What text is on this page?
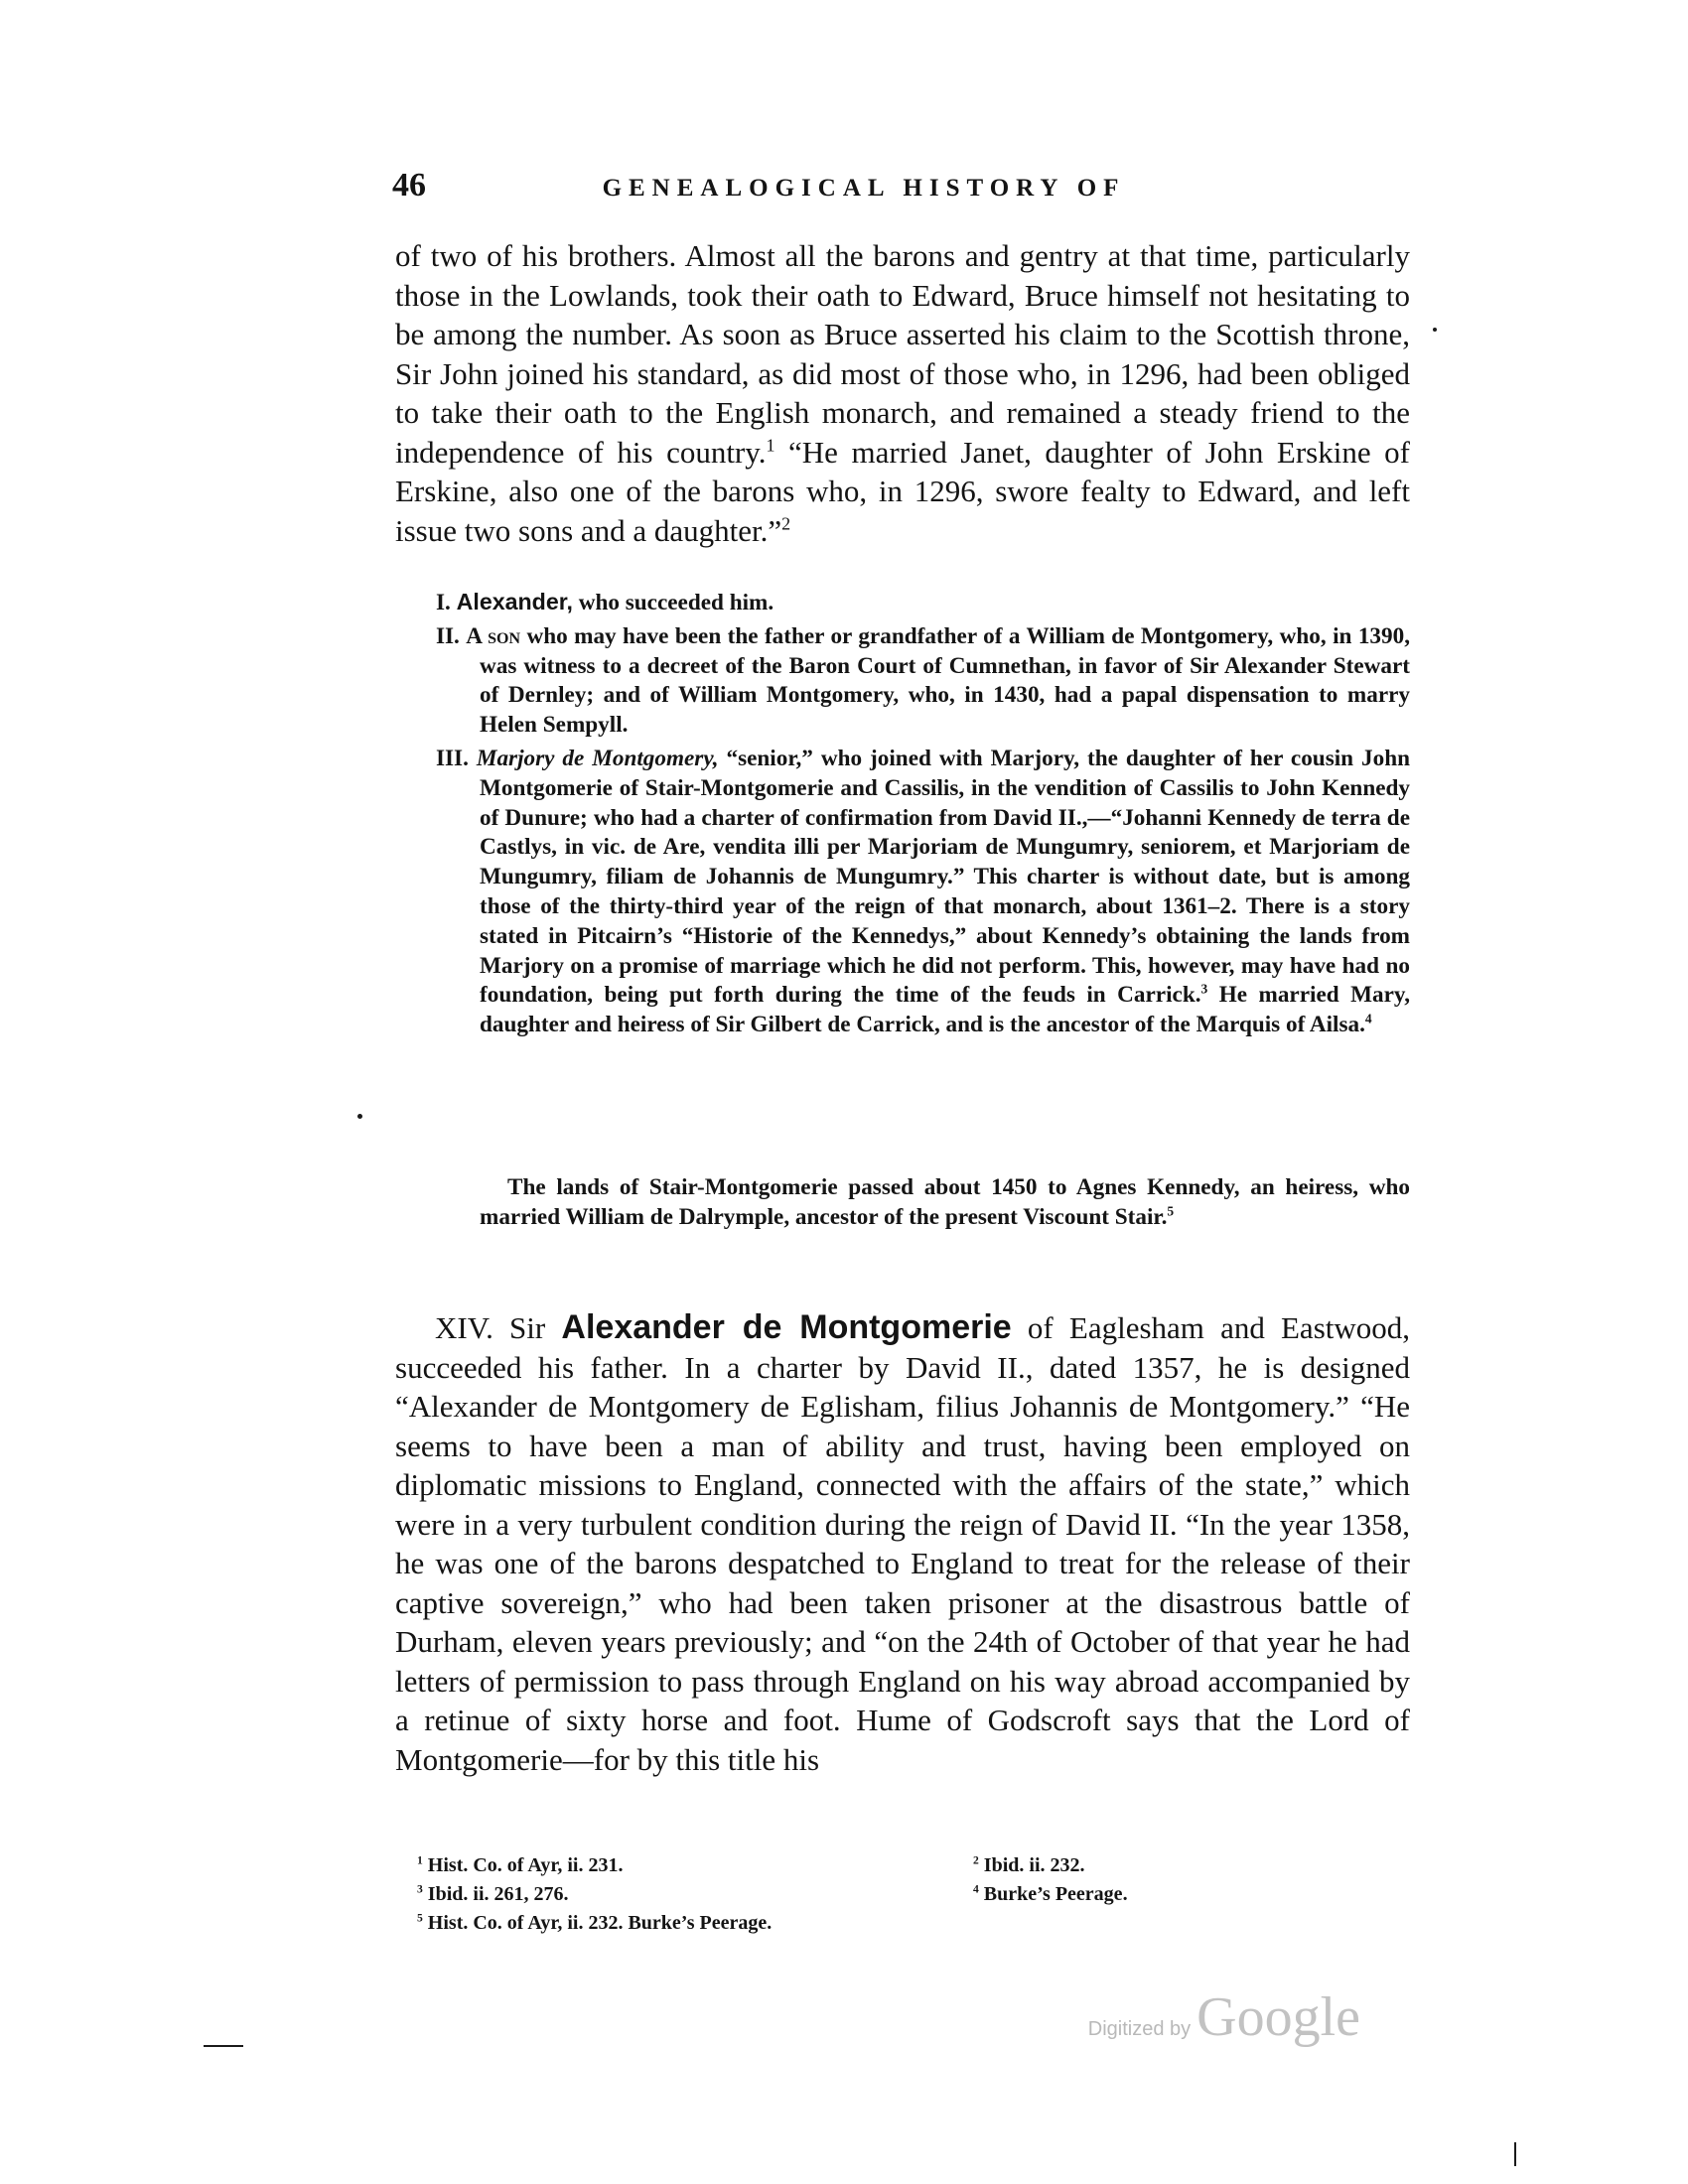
46	GENEALOGICAL HISTORY OF

of two of his brothers. Almost all the barons and gentry at that time, particularly those in the Lowlands, took their oath to Edward, Bruce himself not hesitating to be among the number. As soon as Bruce asserted his claim to the Scottish throne, Sir John joined his standard, as did most of those who, in 1296, had been obliged to take their oath to the English monarch, and remained a steady friend to the independence of his country.$^1$ “He married Janet, daughter of John Erskine of Erskine, also one of the barons who, in 1296, swore fealty to Edward, and left issue two sons and a daughter.”$^2$

I. Alexander, who succeeded him.
II. A son who may have been the father or grandfather of a William de Montgomery, who, in 1390, was witness to a decreet of the Baron Court of Cumnethan, in favor of Sir Alexander Stewart of Dernley; and of William Montgomery, who, in 1430, had a papal dispensation to marry Helen Sempyll.
III. Marjory de Montgomery, “senior,” who joined with Marjory, the daughter of her cousin John Montgomerie of Stair-Montgomerie and Cassilis, in the vendition of Cassilis to John Kennedy of Dunure; who had a charter of confirmation from David II.,—“Johanni Kennedy de terra de Castlys, in vic. de Are, vendita illi per Marjoriam de Mungumry, seniorem, et Marjoriam de Mungumry, filiam de Johannis de Mungumry.” This charter is without date, but is among those of the thirty-third year of the reign of that monarch, about 1361–2. There is a story stated in Pitcairn’s “Historie of the Kennedys,” about Kennedy’s obtaining the lands from Marjory on a promise of marriage which he did not perform. This, however, may have had no foundation, being put forth during the time of the feuds in Carrick.$^3$ He married Mary, daughter and heiress of Sir Gilbert de Carrick, and is the ancestor of the Marquis of Ailsa.$^4$

The lands of Stair-Montgomerie passed about 1450 to Agnes Kennedy, an heiress, who married William de Dalrymple, ancestor of the present Viscount Stair.$^5$

XIV. Sir Alexander de Montgomerie of Eaglesham and Eastwood, succeeded his father. In a charter by David II., dated 1357, he is designed “Alexander de Montgomery de Eglisham, filius Johannis de Montgomery.” “He seems to have been a man of ability and trust, having been employed on diplomatic missions to England, connected with the affairs of the state,” which were in a very turbulent condition during the reign of David II. “In the year 1358, he was one of the barons despatched to England to treat for the release of their captive sovereign,” who had been taken prisoner at the disastrous battle of Durham, eleven years previously; and “on the 24th of October of that year he had letters of permission to pass through England on his way abroad accompanied by a retinue of sixty horse and foot. Hume of Godscroft says that the Lord of Montgomerie—for by this title his

$^1$ Hist. Co. of Ayr, ii. 231.	$^2$ Ibid. ii. 232.
$^3$ Ibid. ii. 261, 276.	$^4$ Burke’s Peerage.
$^5$ Hist. Co. of Ayr, ii. 232. Burke’s Peerage.
Digitized by Google
